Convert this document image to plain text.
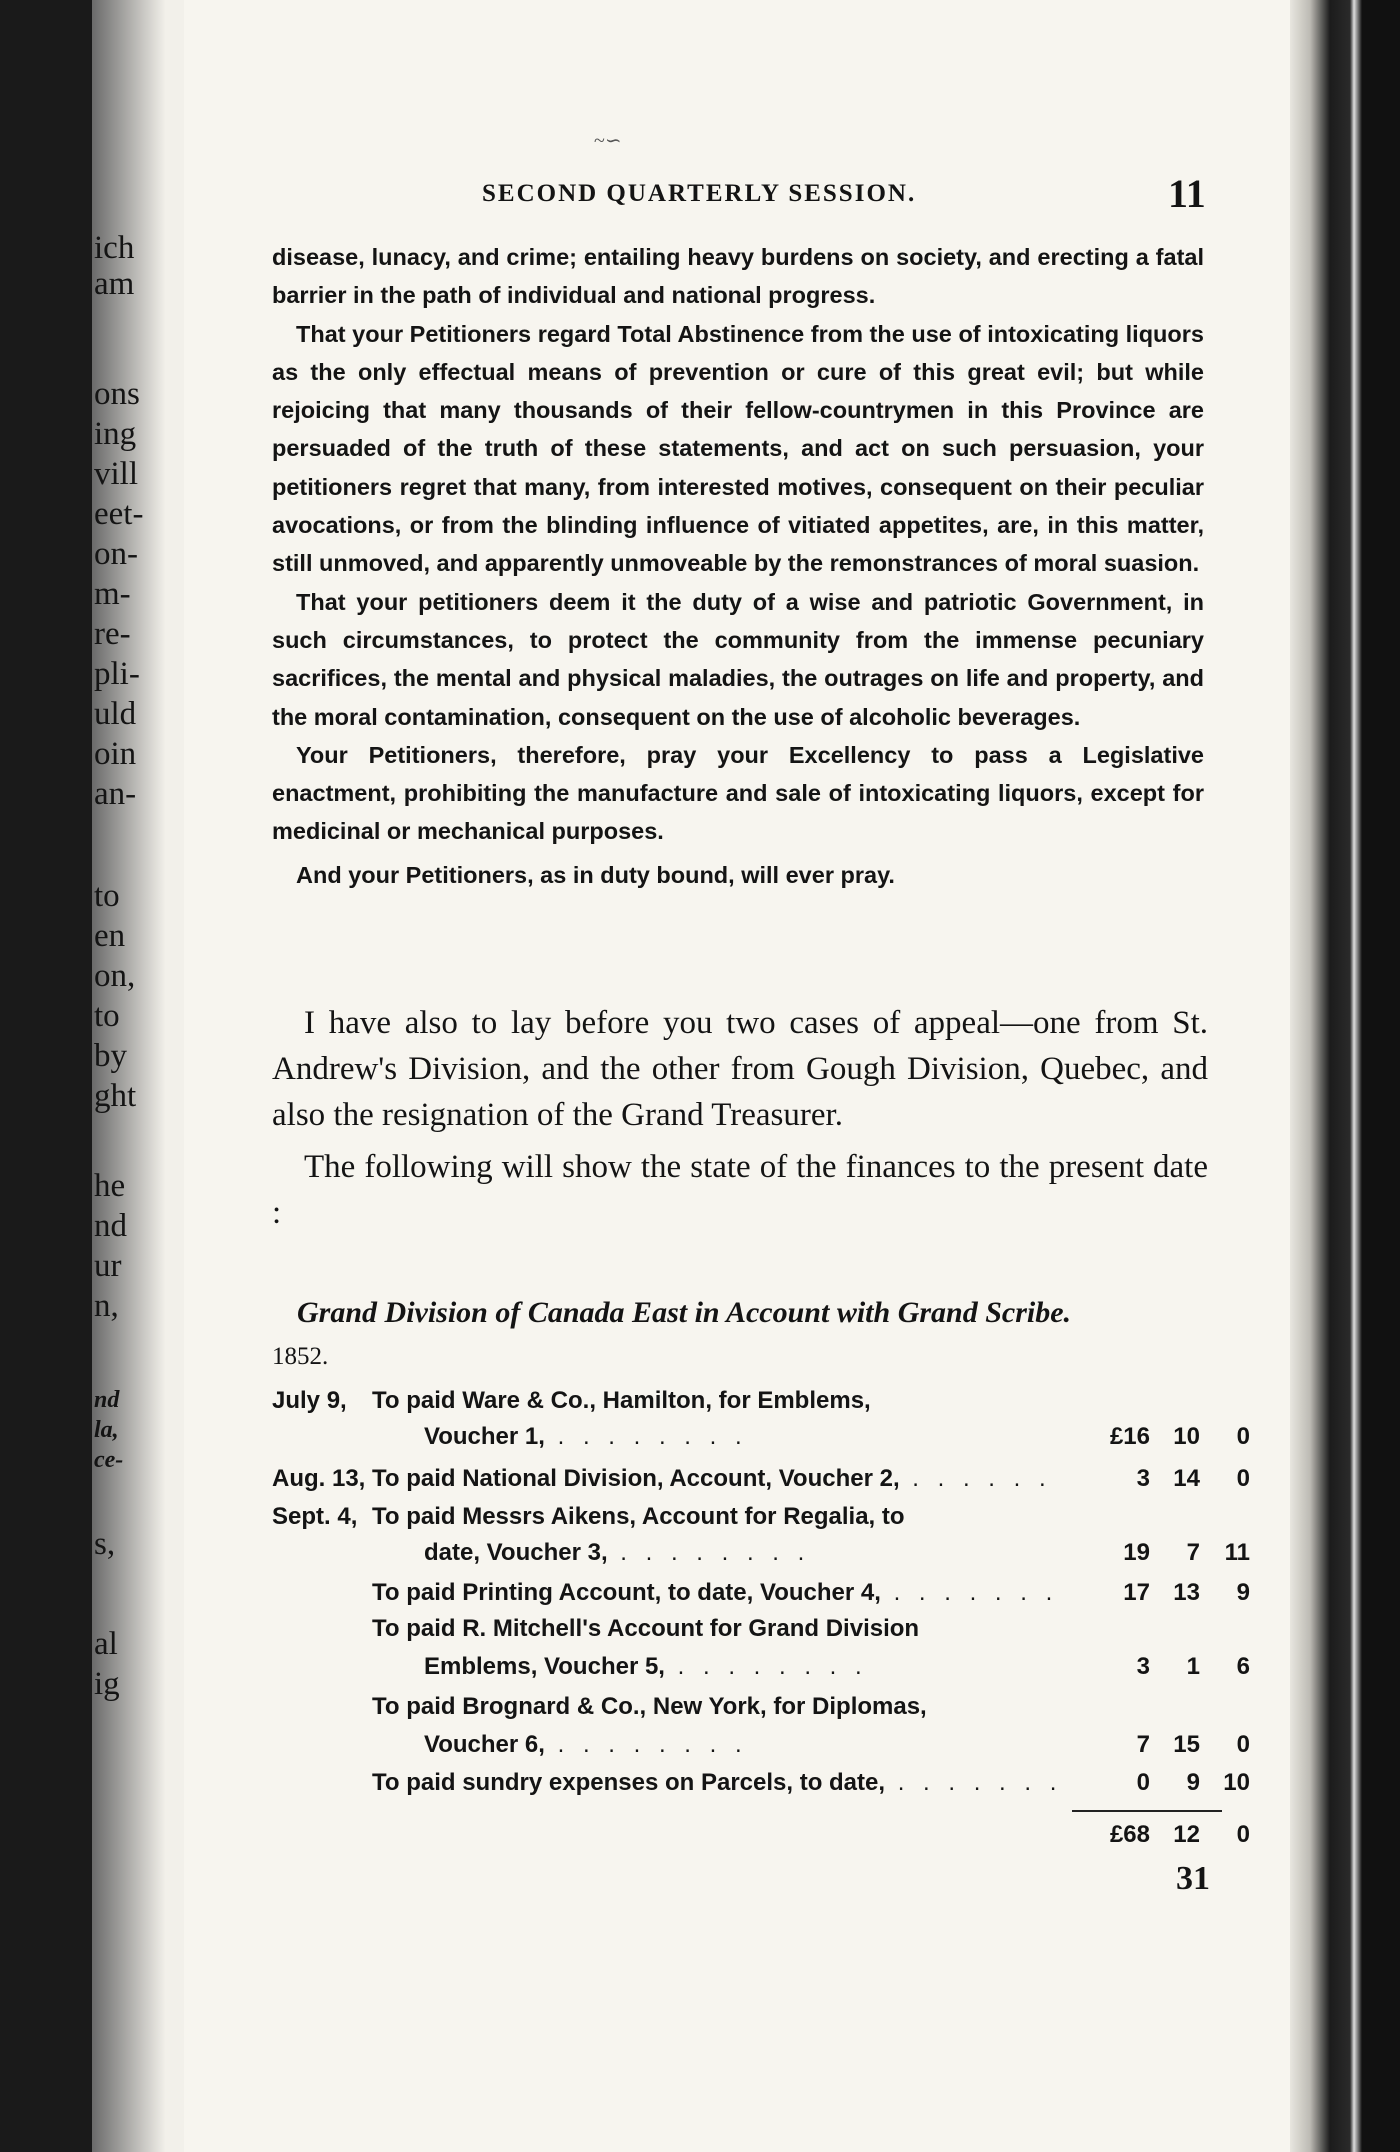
ich
am
ons
ing
vill
eet-
on-
m-
re-
pli-
uld
oin
an-
to
en
on,
to
by
ght
he
nd
ur
n,
nd
la,
ce-
s,
al
ig
~∽
SECOND QUARTERLY SESSION.	11

disease, lunacy, and crime; entailing heavy burdens on society, and erecting a fatal barrier in the path of individual and national progress.

That your Petitioners regard Total Abstinence from the use of intoxicating liquors as the only effectual means of prevention or cure of this great evil; but while rejoicing that many thousands of their fellow-countrymen in this Province are persuaded of the truth of these statements, and act on such persuasion, your petitioners regret that many, from interested motives, consequent on their peculiar avocations, or from the blinding influence of vitiated appetites, are, in this matter, still unmoved, and apparently unmoveable by the remonstrances of moral suasion.

That your petitioners deem it the duty of a wise and patriotic Government, in such circumstances, to protect the community from the immense pecuniary sacrifices, the mental and physical maladies, the outrages on life and property, and the moral contamination, consequent on the use of alcoholic beverages.

Your Petitioners, therefore, pray your Excellency to pass a Legislative enactment, prohibiting the manufacture and sale of intoxicating liquors, except for medicinal or mechanical purposes.

And your Petitioners, as in duty bound, will ever pray.

I have also to lay before you two cases of appeal—one from St. Andrew's Division, and the other from Gough Division, Quebec, and also the resignation of the Grand Treasurer.

The following will show the state of the finances to the present date :

Grand Division of Canada East in Account with Grand Scribe.
1852.
July 9, To paid Ware & Co., Hamilton, for Emblems,
Voucher 1, . . . . . . . .	£16 10 0
Aug. 13, To paid National Division, Account, Voucher 2, . . . . . .	3 14 0
Sept. 4, To paid Messrs Aikens, Account for Regalia, to
date, Voucher 3, . . . . . . . .	19 7 11
To paid Printing Account, to date, Voucher 4, . . . . . . .	17 13 9
To paid R. Mitchell's Account for Grand Division
Emblems, Voucher 5, . . . . . . . .	3 1 6
To paid Brognard & Co., New York, for Diplomas,
Voucher 6, . . . . . . . .	7 15 0
To paid sundry expenses on Parcels, to date, . . . . . . .	0 9 10
£68 12 0
31
